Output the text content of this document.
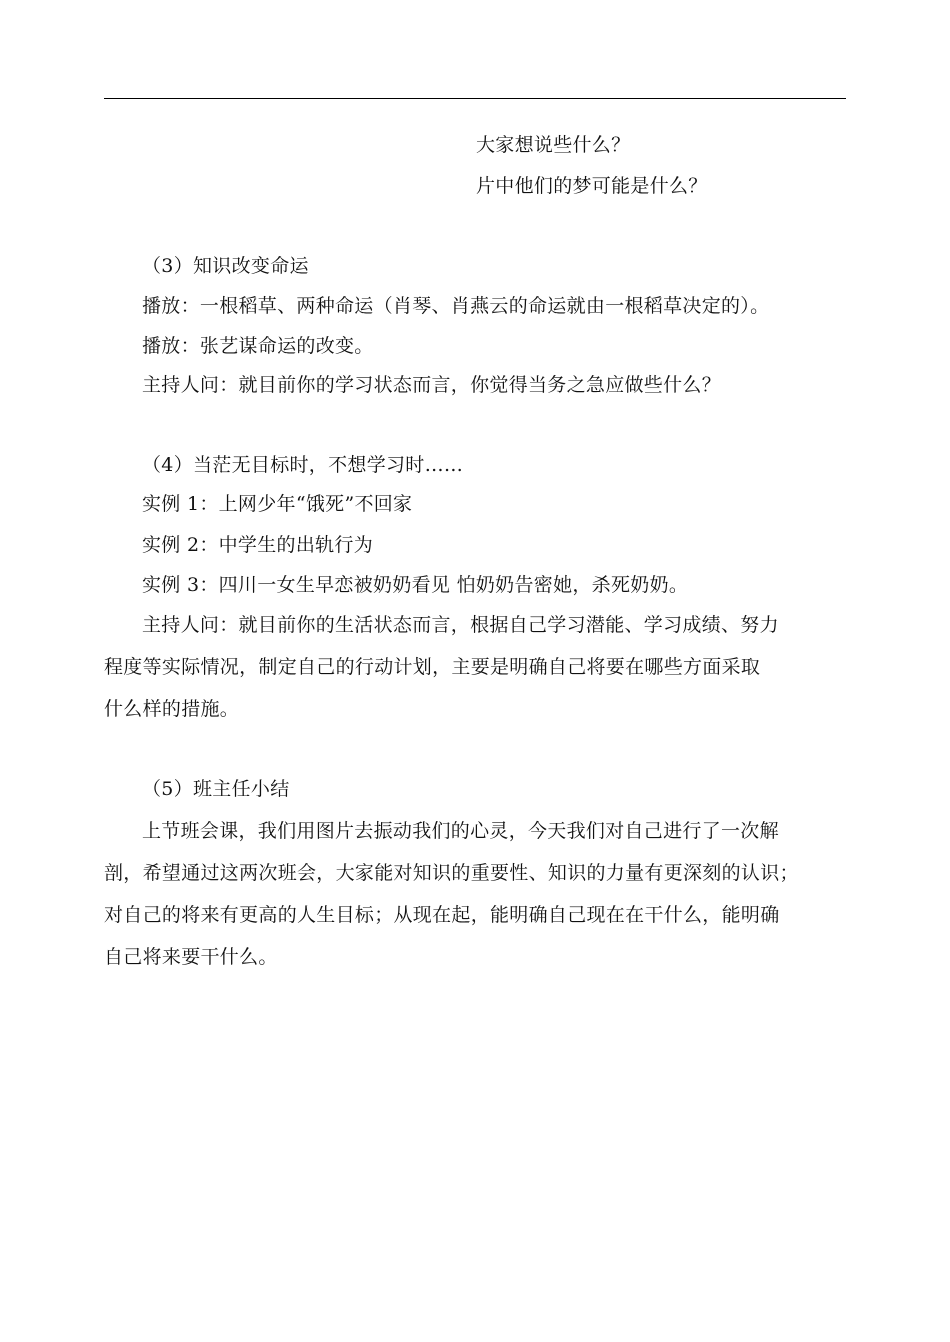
大家想说些什么？
片中他们的梦可能是什么？
（3）知识改变命运
播放：一根稻草、两种命运（肖琴、肖燕云的命运就由一根稻草决定的）。
播放：张艺谋命运的改变。
主持人问：就目前你的学习状态而言，你觉得当务之急应做些什么？
（4）当茫无目标时，不想学习时……
实例 1：上网少年“饿死”不回家
实例 2：中学生的出轨行为
实例 3：四川一女生早恋被奶奶看见 怕奶奶告密她，杀死奶奶。
主持人问：就目前你的生活状态而言，根据自己学习潜能、学习成绩、努力
程度等实际情况，制定自己的行动计划，主要是明确自己将要在哪些方面采取
什么样的措施。
（5）班主任小结
上节班会课，我们用图片去振动我们的心灵，今天我们对自己进行了一次解
剖，希望通过这两次班会，大家能对知识的重要性、知识的力量有更深刻的认识；
对自己的将来有更高的人生目标；从现在起，能明确自己现在在干什么，能明确
自己将来要干什么。
